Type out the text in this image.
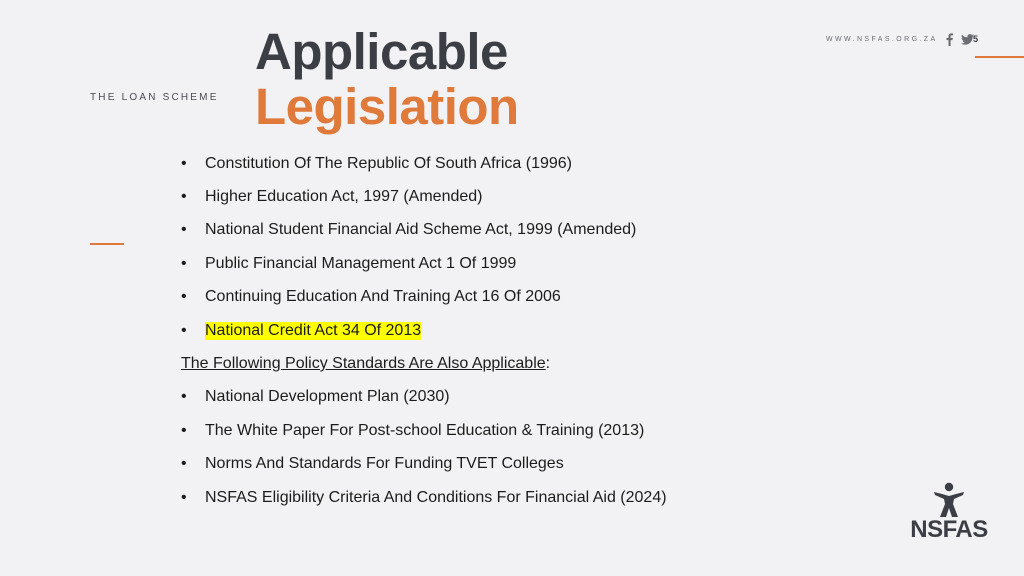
Applicable
Legislation
THE LOAN SCHEME
WWW.NSFAS.ORG.ZA	5
•	Constitution Of The Republic Of South Africa (1996)
•	Higher Education Act, 1997 (Amended)
•	National Student Financial Aid Scheme Act, 1999 (Amended)
•	Public Financial Management Act 1 Of 1999
•	Continuing Education And Training Act 16 Of 2006
•	National Credit Act 34 Of 2013
The Following Policy Standards Are Also Applicable :
•	National Development Plan (2030)
•	The White Paper For Post-school Education & Training (2013)
•	Norms And Standards For Funding TVET Colleges
•	NSFAS Eligibility Criteria And Conditions For Financial Aid (2024)
NSFAS
